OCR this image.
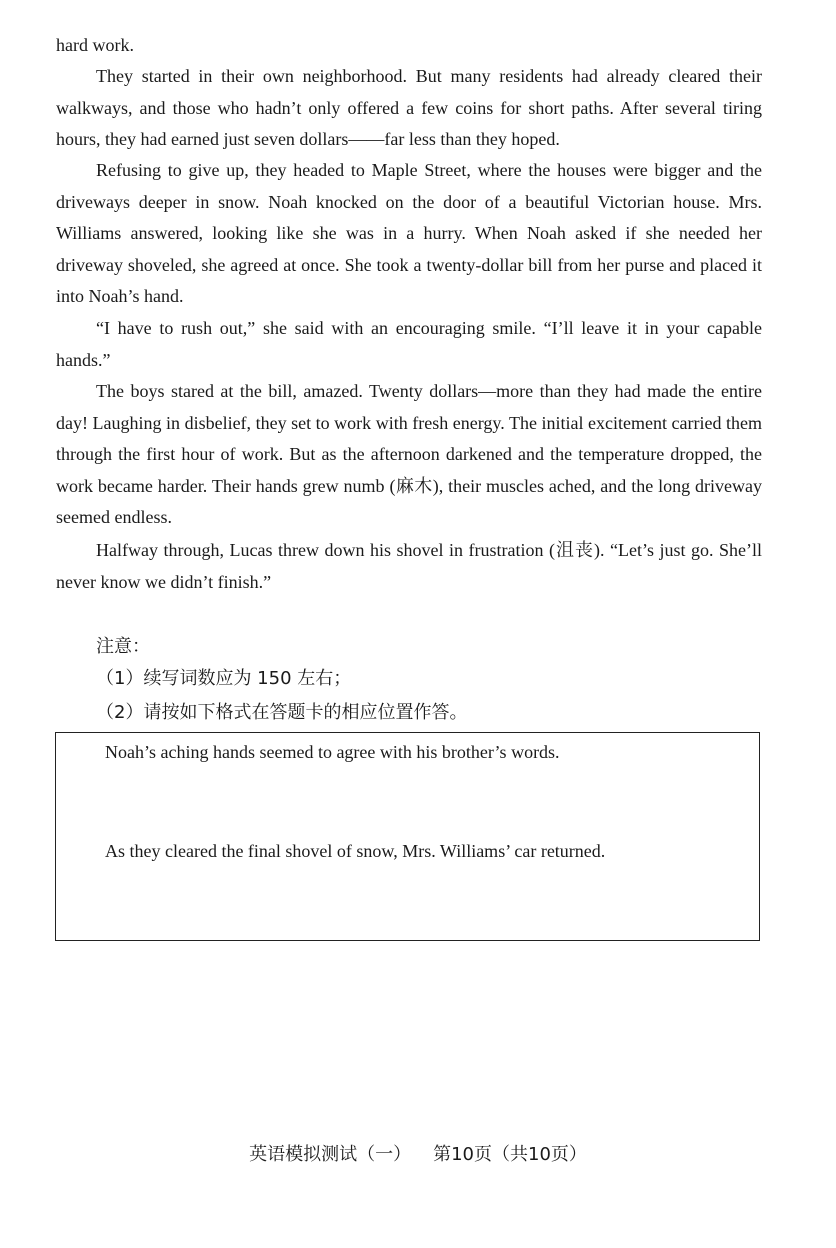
hard work.

They started in their own neighborhood. But many residents had already cleared their walkways, and those who hadn’t only offered a few coins for short paths. After several tiring hours, they had earned just seven dollars——far less than they hoped.

Refusing to give up, they headed to Maple Street, where the houses were bigger and the driveways deeper in snow. Noah knocked on the door of a beautiful Victorian house. Mrs. Williams answered, looking like she was in a hurry. When Noah asked if she needed her driveway shoveled, she agreed at once. She took a twenty-dollar bill from her purse and placed it into Noah’s hand.

“I have to rush out,” she said with an encouraging smile. “I’ll leave it in your capable hands.”

The boys stared at the bill, amazed. Twenty dollars—more than they had made the entire day! Laughing in disbelief, they set to work with fresh energy. The initial excitement carried them through the first hour of work. But as the afternoon darkened and the temperature dropped, the work became harder. Their hands grew numb (麻木), their muscles ached, and the long driveway seemed endless.

Halfway through, Lucas threw down his shovel in frustration (沮丧). “Let’s just go. She’ll never know we didn’t finish.”

注意：

（1）续写词数应为 150 左右；

（2）请按如下格式在答题卡的相应位置作答。

Noah’s aching hands seemed to agree with his brother’s words.

As they cleared the final shovel of snow, Mrs. Williams’ car returned.

英语模拟测试（一） 第10页（共10页）
